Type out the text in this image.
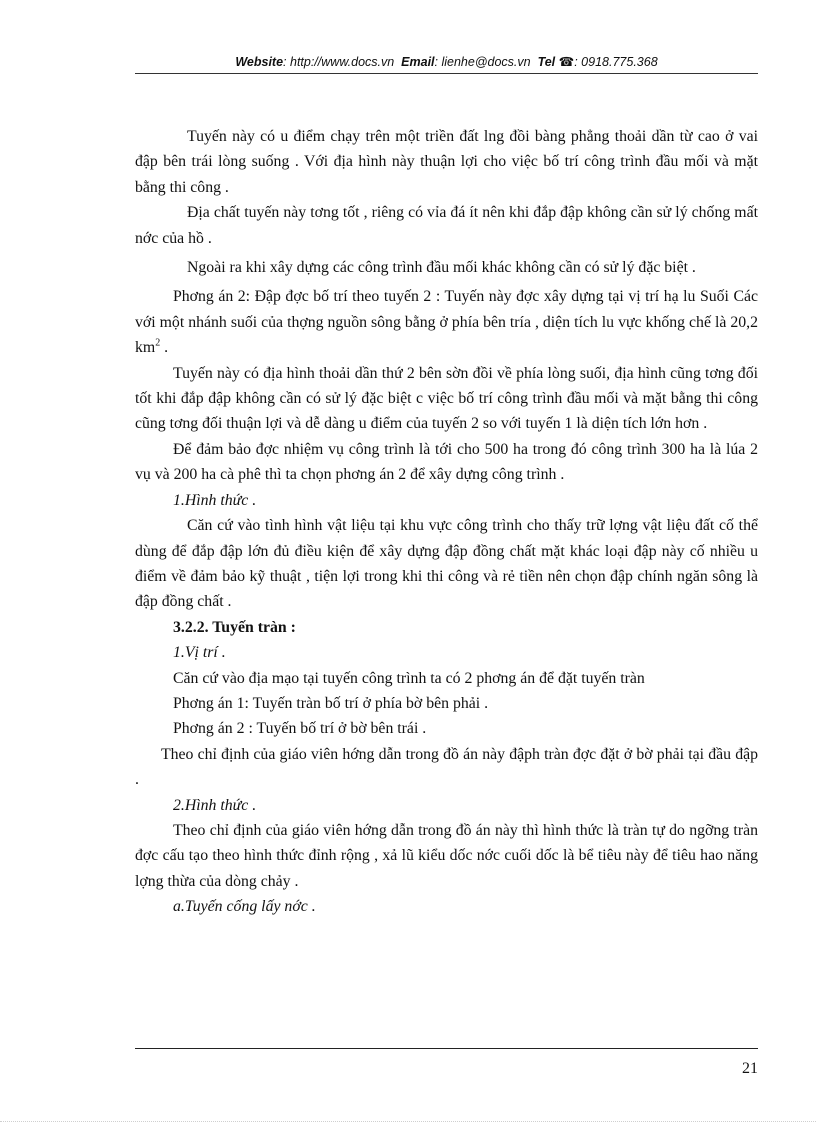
Website: http://www.docs.vn Email: lienhe@docs.vn Tel ☎: 0918.775.368

Tuyến này có u điểm chạy trên một triền đất lng đồi bàng phẳng thoải dần từ cao ở vai đập bên trái lòng suống . Với địa hình này thuận lợi cho việc bố trí công trình đầu mối và mặt bằng thi công .

Địa chất tuyến này tơng tốt , riêng có vỉa đá ít nên khi đắp đập không cần sử lý chống mất nớc của hồ .

Ngoài ra khi xây dựng các công trình đầu mối khác không cần có sử lý đặc biệt .

Phơng án 2: Đập đợc bố trí theo tuyến 2 : Tuyến này đợc xây dựng tại vị trí hạ lu Suối Các với một nhánh suối của thợng nguồn sông bằng ở phía bên tría , diện tích lu vực khống chế là 20,2 $km^2$ .

Tuyến này có địa hình thoải dần thứ 2 bên sờn đồi về phía lòng suối, địa hình cũng tơng đối tốt khi đắp đập không cần có sử lý đặc biệt c việc bố trí công trình đầu mối và mặt bằng thi công cũng tơng đối thuận lợi và dễ dàng u điểm của tuyến 2 so với tuyến 1 là diện tích lớn hơn .

Để đảm bảo đợc nhiệm vụ công trình là tới cho 500 ha trong đó công trình 300 ha là lúa 2 vụ và 200 ha cà phê thì ta chọn phơng án 2 để xây dựng công trình .

1.Hình thức .

Căn cứ vào tình hình vật liệu tại khu vực công trình cho thấy trữ lợng vật liệu đất cố thể dùng để đắp đập lớn đủ điều kiện để xây dựng đập đồng chất mặt khác loại đập này cố nhiều u điểm về đảm bảo kỹ thuật , tiện lợi trong khi thi công và rẻ tiền nên chọn đập chính ngăn sông là đập đồng chất .

3.2.2. Tuyến tràn :

1.Vị trí .

Căn cứ vào địa mạo tại tuyến công trình ta có 2 phơng án để đặt tuyến tràn

Phơng án 1: Tuyến tràn bố trí ở phía bờ bên phải .

Phơng án 2 : Tuyến bố trí ở bờ bên trái .

Theo chỉ định của giáo viên hớng dẫn trong đồ án này đậph tràn đợc đặt ở bờ phải tại đầu đập .

2.Hình thức .

Theo chỉ định của giáo viên hớng dẫn trong đồ án này thì hình thức là tràn tự do ngỡng tràn đợc cấu tạo theo hình thức đỉnh rộng , xả lũ kiểu dốc nớc cuối dốc là bể tiêu này để tiêu hao năng lợng thừa của dòng chảy .

a.Tuyến cống lấy nớc .

21
